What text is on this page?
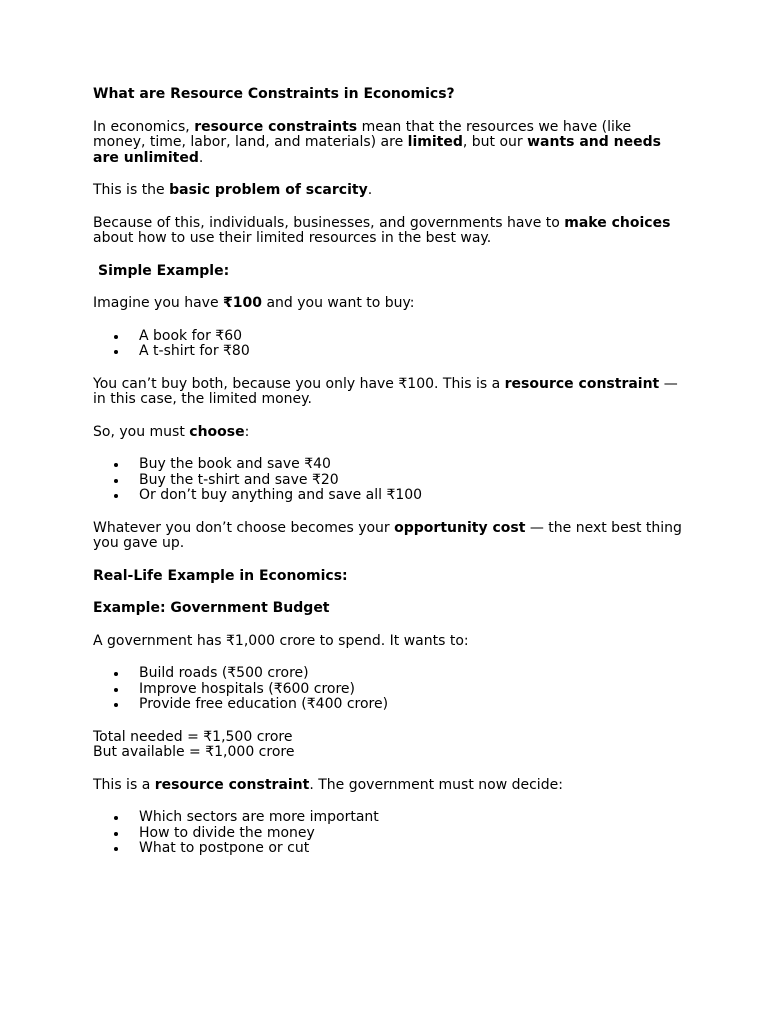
What are Resource Constraints in Economics?

In economics, resource constraints mean that the resources we have (like money, time, labor, land, and materials) are limited, but our wants and needs are unlimited.

This is the basic problem of scarcity.

Because of this, individuals, businesses, and governments have to make choices about how to use their limited resources in the best way.

Simple Example:

Imagine you have ₹100 and you want to buy:

A book for ₹60
A t-shirt for ₹80

You can’t buy both, because you only have ₹100. This is a resource constraint — in this case, the limited money.

So, you must choose:

Buy the book and save ₹40
Buy the t-shirt and save ₹20
Or don’t buy anything and save all ₹100

Whatever you don’t choose becomes your opportunity cost — the next best thing you gave up.

Real-Life Example in Economics:

Example: Government Budget

A government has ₹1,000 crore to spend. It wants to:

Build roads (₹500 crore)
Improve hospitals (₹600 crore)
Provide free education (₹400 crore)

Total needed = ₹1,500 crore

But available = ₹1,000 crore

This is a resource constraint. The government must now decide:

Which sectors are more important
How to divide the money
What to postpone or cut
